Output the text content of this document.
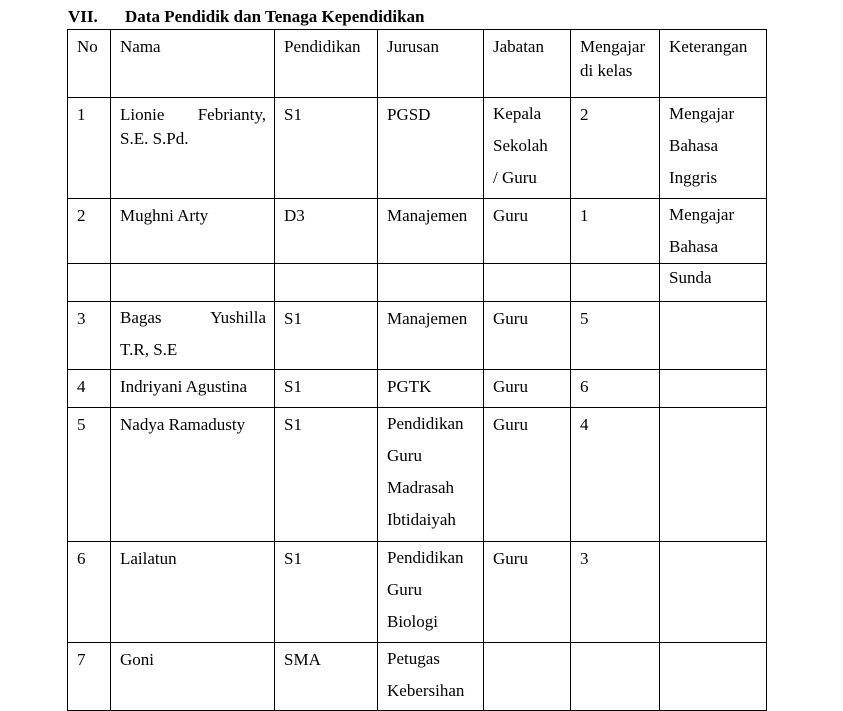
VII. Data Pendidik dan Tenaga Kependidikan
No	Nama	Pendidikan	Jurusan	Jabatan	Mengajar di kelas	Keterangan
1	Lionie Febrianty,
S.E. S.Pd.	S1	PGSD	Kepala
Sekolah
/ Guru	2	Mengajar
Bahasa
Inggris

2	Mughni Arty	D3	Manajemen	Guru	1	Mengajar
Bahasa

						Sunda

3	Bagas Yushilla
T.R, S.E	S1	Manajemen	Guru	5	
4	Indriyani Agustina	S1	PGTK	Guru	6	
5	Nadya Ramadusty	S1	Pendidikan
Guru
Madrasah
Ibtidaiyah	Guru	4	
6	Lailatun	S1	Pendidikan
Guru
Biologi	Guru	3	
7	Goni	SMA	Petugas
Kebersihan			
